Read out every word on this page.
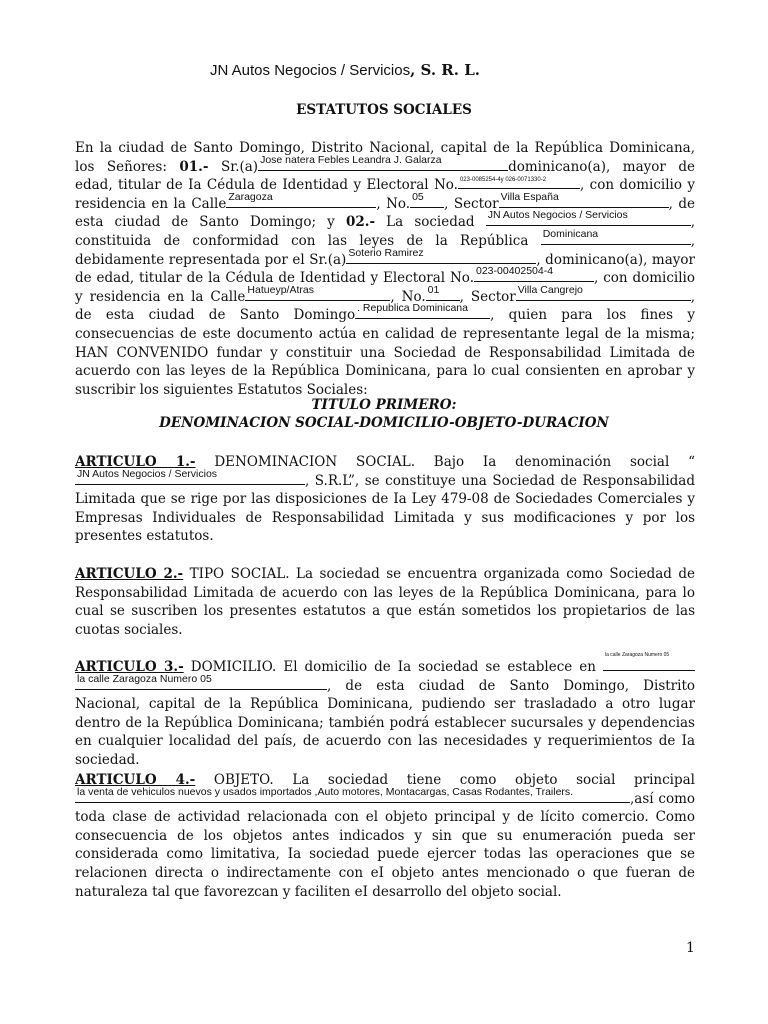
JN Autos Negocios / Servicios, S. R. L.
ESTATUTOS SOCIALES
En la ciudad de Santo Domingo, Distrito Nacional, capital de la República Dominicana, los Señores: 01.- Sr.(a) Jose natera Febles Leandra J. Galarza	dominicano(a), mayor de edad, titular de Ia Cédula de Identidad y Electoral No. 023-0085254-4y 026-0071330-2	, con domicilio y residencia en la Calle Zaragoza	, No. 05 , Sector Villa España	, de esta ciudad de Santo Domingo; y 02.- La sociedad JN Autos Negocios / Servicios	, constituida de conformidad con las leyes de la República Dominicana	, debidamente representada por el Sr.(a) Soterio Ramirez	, dominicano(a), mayor de edad, titular de la Cédula de Identidad y Electoral No. 023-00402504-4	, con domicilio y residencia en la Calle Hatueyp/Atras	, No. 01 , Sector Villa Cangrejo	, de esta ciudad de Santo Domingo . Republica Dominicana , quien para los fines y consecuencias de este documento actúa en calidad de representante legal de la misma; HAN CONVENIDO fundar y constituir una Sociedad de Responsabilidad Limitada de acuerdo con las leyes de la República Dominicana, para lo cual consienten en aprobar y suscribir los siguientes Estatutos Sociales:
TITULO PRIMERO:
DENOMINACION SOCIAL-DOMICILIO-OBJETO-DURACION
ARTICULO 1.- DENOMINACION SOCIAL. Bajo Ia denominación social “
JN Autos Negocios / Servicios	, S.R.L”, se constituye una Sociedad de Responsabilidad Limitada que se rige por las disposiciones de Ia Ley 479-08 de Sociedades Comerciales y Empresas Individuales de Responsabilidad Limitada y sus modificaciones y por los presentes estatutos.
ARTICULO 2.- TIPO SOCIAL. La sociedad se encuentra organizada como Sociedad de Responsabilidad Limitada de acuerdo con las leyes de la República Dominicana, para lo cual se suscriben los presentes estatutos a que están sometidos los propietarios de las cuotas sociales.
ARTICULO 3.- DOMICILIO. El domicilio de Ia sociedad se establece en
la calle Zaragoza Numero 05
la calle Zaragoza Numero 05	, de esta ciudad de Santo Domingo, Distrito Nacional, capital de la República Dominicana, pudiendo ser trasladado a otro lugar dentro de la República Dominicana; también podrá establecer sucursales y dependencias en cualquier localidad del país, de acuerdo con las necesidades y requerimientos de Ia sociedad.
ARTICULO 4.- OBJETO. La sociedad tiene como objeto social principal
la venta de vehiculos nuevos y usados importados ,Auto motores, Montacargas, Casas Rodantes, Trailers.	,así como toda clase de actividad relacionada con el objeto principal y de lícito comercio. Como consecuencia de los objetos antes indicados y sin que su enumeración pueda ser considerada como limitativa, Ia sociedad puede ejercer todas las operaciones que se relacionen directa o indirectamente con eI objeto antes mencionado o que fueran de naturaleza tal que favorezcan y faciliten eI desarrollo del objeto social.
1
